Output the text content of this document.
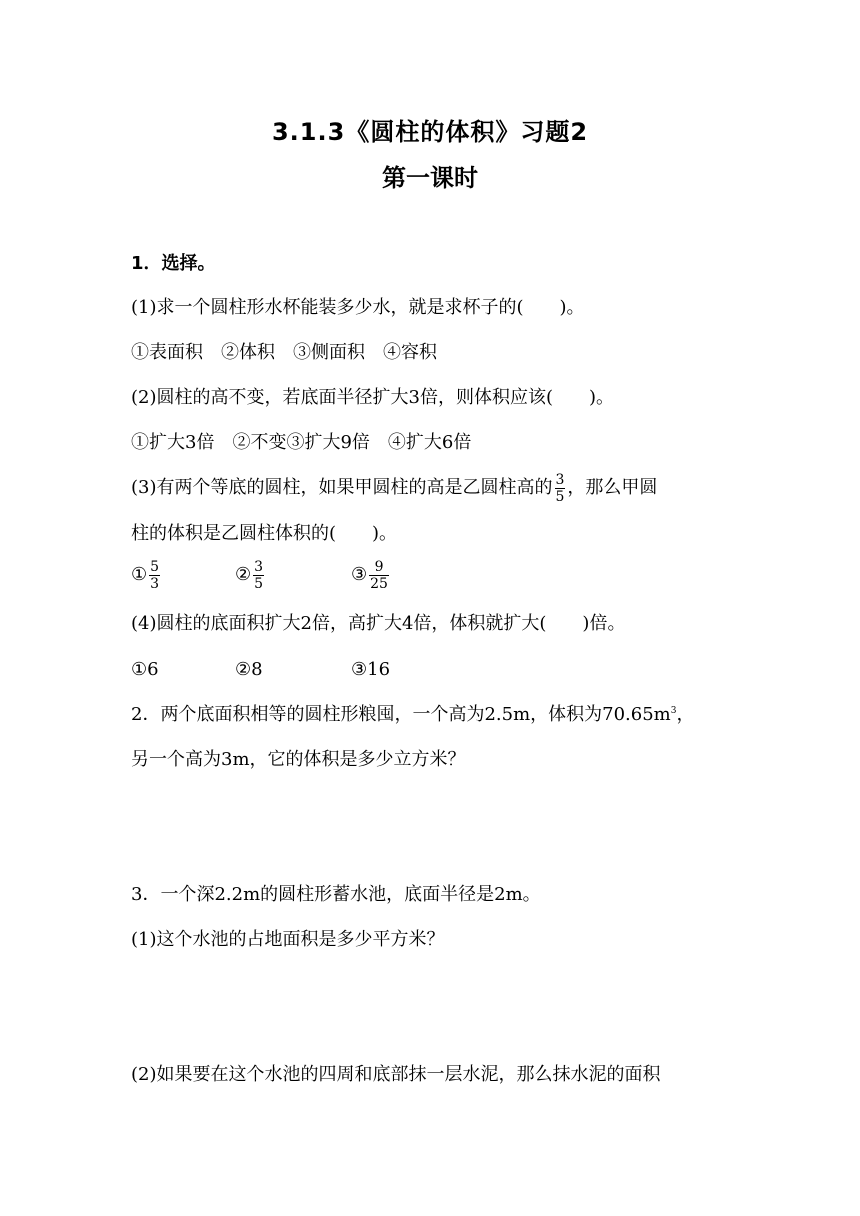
3.1.3《圆柱的体积》习题2
第一课时
1．选择。
(1)求一个圆柱形水杯能装多少水，就是求杯子的(　　)。
①表面积　②体积　③侧面积　④容积
(2)圆柱的高不变，若底面半径扩大3倍，则体积应该(　　)。
①扩大3倍　②不变③扩大9倍　④扩大6倍
(3)有两个等底的圆柱，如果甲圆柱的高是乙圆柱高的 $\frac{3}{5}$ ，那么甲圆
柱的体积是乙圆柱体积的(　　)。
① $\frac{5}{3}$	② $\frac{3}{5}$	③ $\frac{9}{25}$
(4)圆柱的底面积扩大2倍，高扩大4倍，体积就扩大(　　)倍。
①6	②8	③16
2．两个底面积相等的圆柱形粮囤，一个高为2.5m，体积为$70.65m^3$，
另一个高为3m，它的体积是多少立方米？
3．一个深2.2m的圆柱形蓄水池，底面半径是2m。
(1)这个水池的占地面积是多少平方米？
(2)如果要在这个水池的四周和底部抹一层水泥，那么抹水泥的面积
